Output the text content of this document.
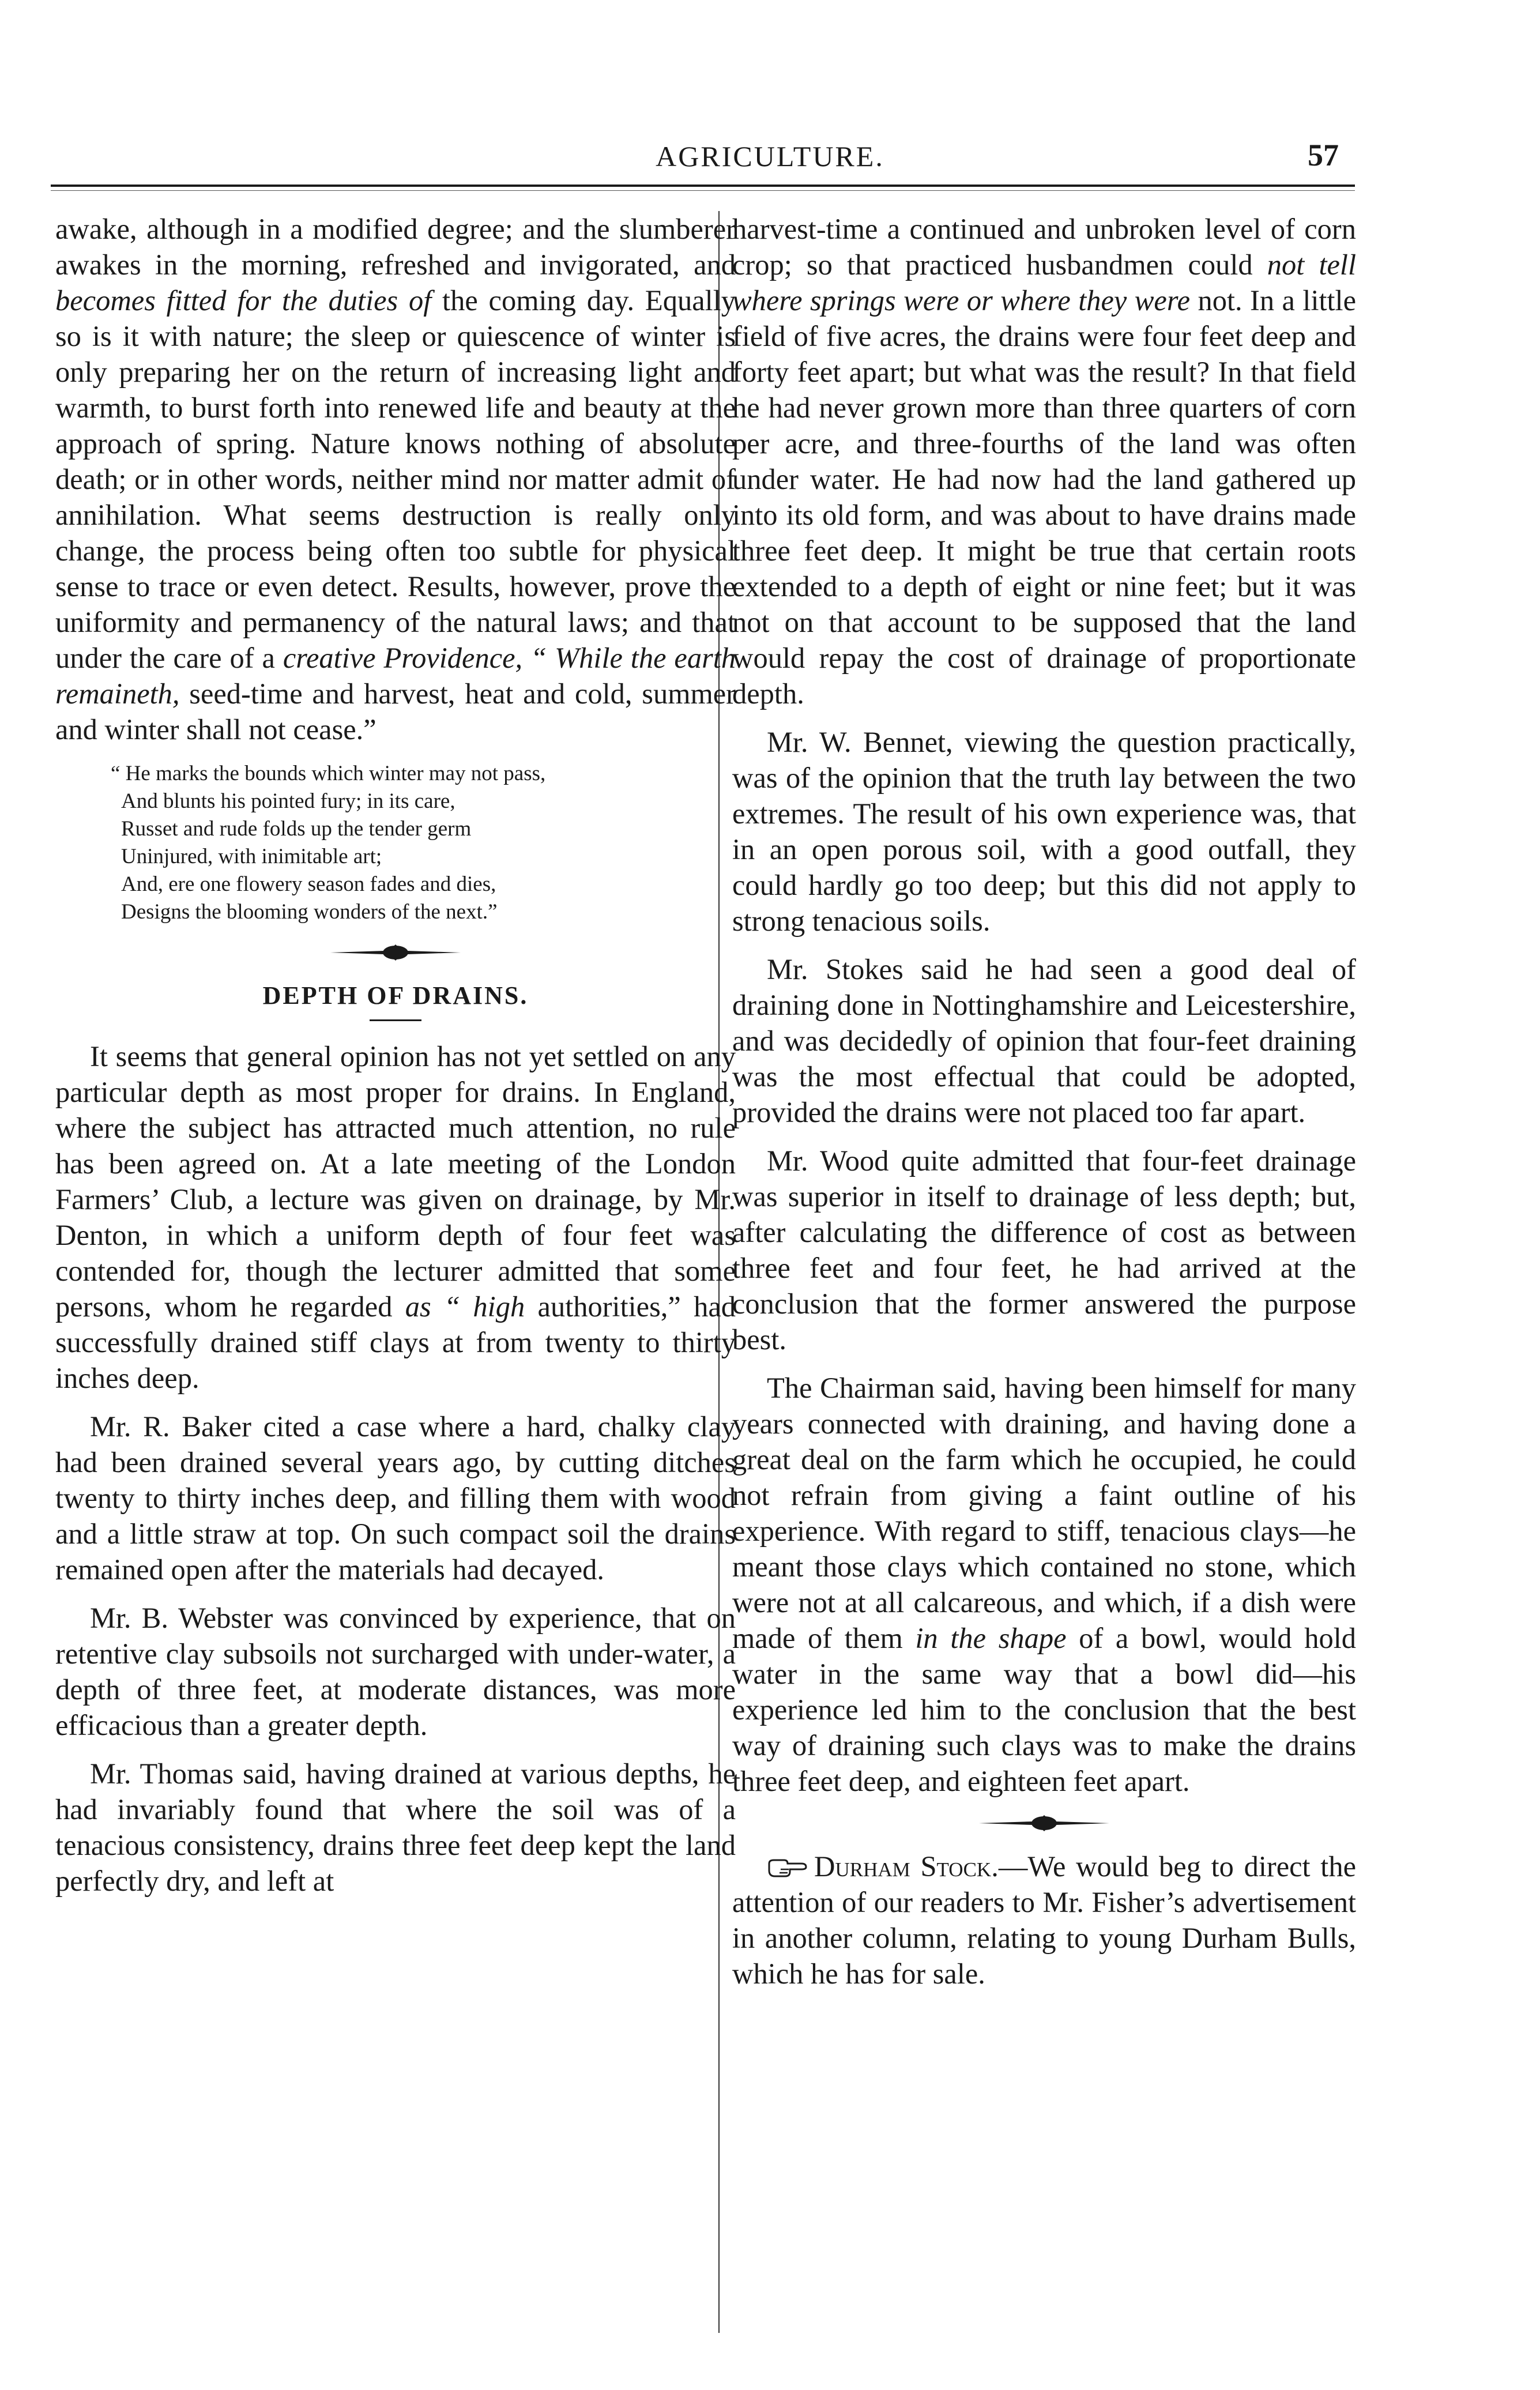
AGRICULTURE.	57

awake, although in a modified degree; and the slumberer awakes in the morning, refreshed and invigorated, and becomes fitted for the duties of the coming day. Equally so is it with nature; the sleep or quiescence of winter is only preparing her on the return of increasing light and warmth, to burst forth into renewed life and beauty at the approach of spring. Nature knows nothing of absolute death; or in other words, neither mind nor matter admit of annihilation. What seems destruction is really only change, the process being often too subtle for physical sense to trace or even detect. Results, however, prove the uniformity and permanency of the natural laws; and that under the care of a creative Providence, “ While the earth remaineth, seed-time and harvest, heat and cold, summer and winter shall not cease.”

“ He marks the bounds which winter may not pass,
And blunts his pointed fury; in its care,
Russet and rude folds up the tender germ
Uninjured, with inimitable art;
And, ere one flowery season fades and dies,
Designs the blooming wonders of the next.”
DEPTH OF DRAINS.

It seems that general opinion has not yet settled on any particular depth as most proper for drains. In England, where the subject has attracted much attention, no rule has been agreed on. At a late meeting of the London Farmers’ Club, a lecture was given on drainage, by Mr. Denton, in which a uniform depth of four feet was contended for, though the lecturer admitted that some persons, whom he regarded as “ high authorities,” had successfully drained stiff clays at from twenty to thirty inches deep.

Mr. R. Baker cited a case where a hard, chalky clay had been drained several years ago, by cutting ditches twenty to thirty inches deep, and filling them with wood and a little straw at top. On such compact soil the drains remained open after the materials had decayed.

Mr. B. Webster was convinced by experience, that on retentive clay subsoils not surcharged with under-water, a depth of three feet, at moderate distances, was more efficacious than a greater depth.

Mr. Thomas said, having drained at various depths, he had invariably found that where the soil was of a tenacious consistency, drains three feet deep kept the land perfectly dry, and left at

harvest-time a continued and unbroken level of corn crop; so that practiced husbandmen could not tell where springs were or where they were not. In a little field of five acres, the drains were four feet deep and forty feet apart; but what was the result? In that field he had never grown more than three quarters of corn per acre, and three-fourths of the land was often under water. He had now had the land gathered up into its old form, and was about to have drains made three feet deep. It might be true that certain roots extended to a depth of eight or nine feet; but it was not on that account to be supposed that the land would repay the cost of drainage of proportionate depth.

Mr. W. Bennet, viewing the question practically, was of the opinion that the truth lay between the two extremes. The result of his own experience was, that in an open porous soil, with a good outfall, they could hardly go too deep; but this did not apply to strong tenacious soils.

Mr. Stokes said he had seen a good deal of draining done in Nottinghamshire and Leicestershire, and was decidedly of opinion that four-feet draining was the most effectual that could be adopted, provided the drains were not placed too far apart.

Mr. Wood quite admitted that four-feet drainage was superior in itself to drainage of less depth; but, after calculating the difference of cost as between three feet and four feet, he had arrived at the conclusion that the former answered the purpose best.

The Chairman said, having been himself for many years connected with draining, and having done a great deal on the farm which he occupied, he could not refrain from giving a faint outline of his experience. With regard to stiff, tenacious clays—he meant those clays which contained no stone, which were not at all calcareous, and which, if a dish were made of them in the shape of a bowl, would hold water in the same way that a bowl did—his experience led him to the conclusion that the best way of draining such clays was to make the drains three feet deep, and eighteen feet apart.

Durham Stock.—We would beg to direct the attention of our readers to Mr. Fisher’s advertisement in another column, relating to young Durham Bulls, which he has for sale.
